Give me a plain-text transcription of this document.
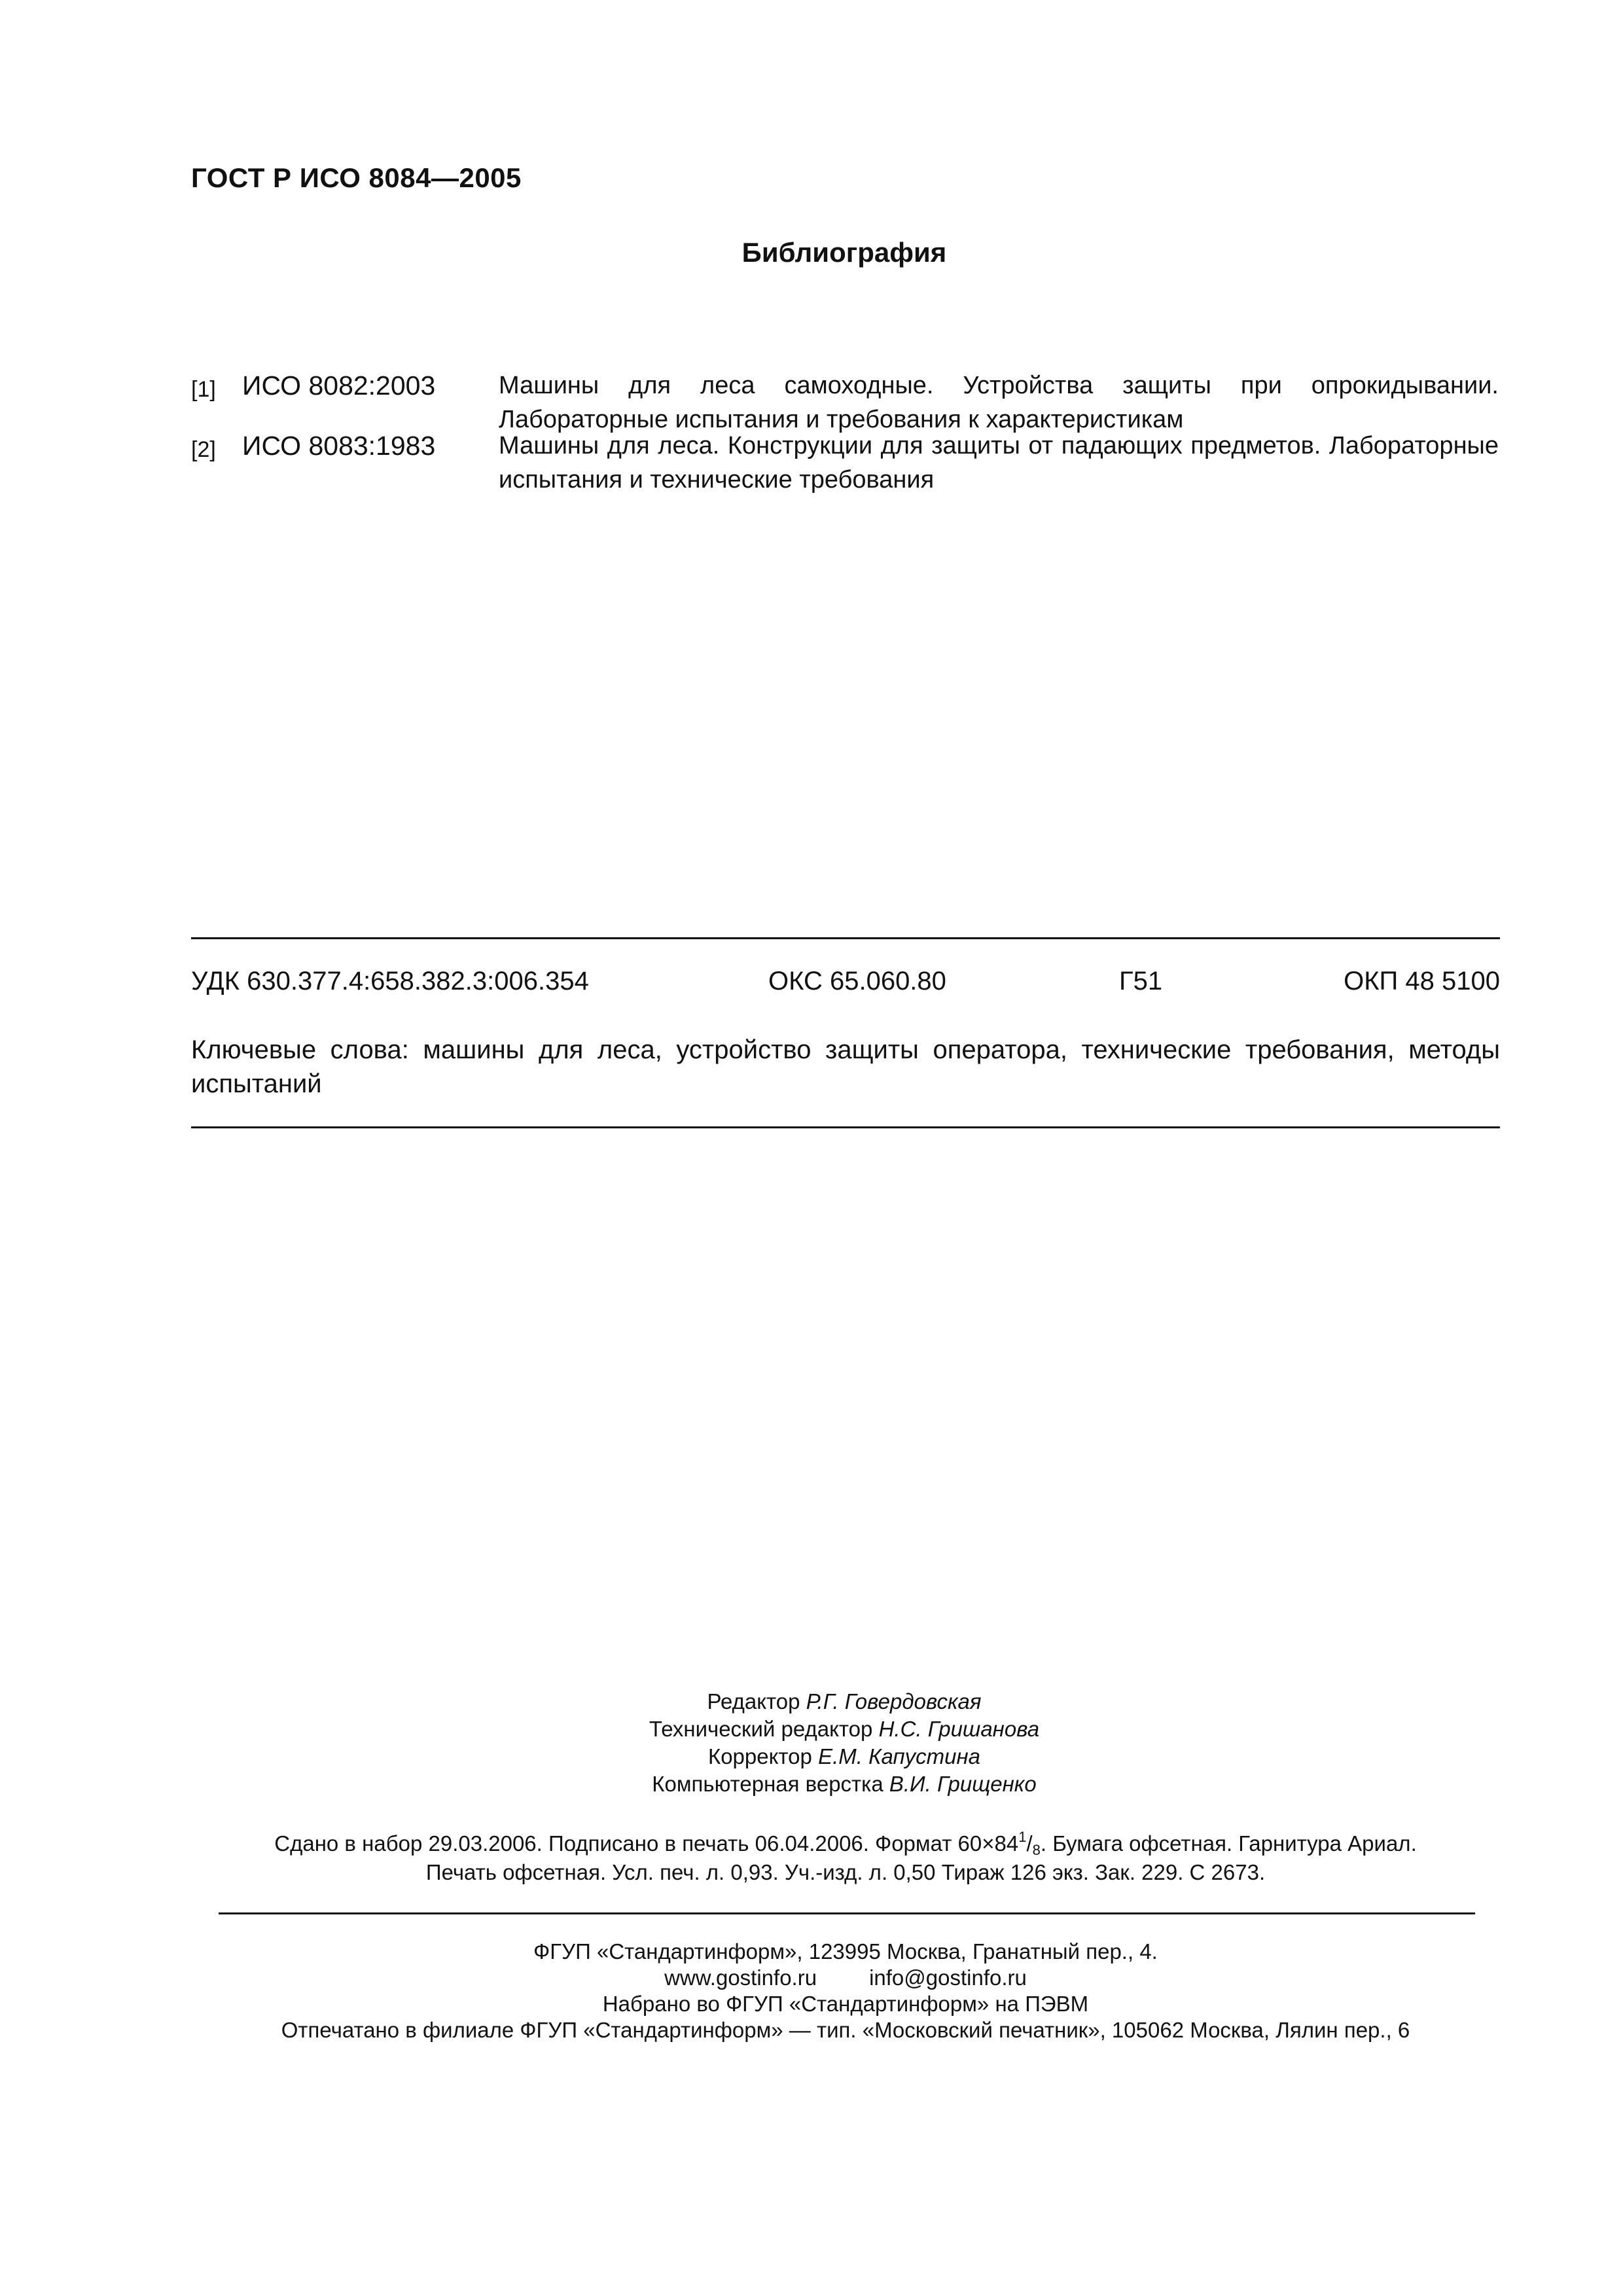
ГОСТ Р ИСО 8084—2005
Библиография
[1] ИСО 8082:2003	Машины для леса самоходные. Устройства защиты при опрокидывании. Лабораторные испытания и требования к характеристикам
[2] ИСО 8083:1983	Машины для леса. Конструкции для защиты от падающих предметов. Лабораторные испытания и технические требования
УДК 630.377.4:658.382.3:006.354	ОКС 65.060.80	Г51	ОКП 48 5100
Ключевые слова: машины для леса, устройство защиты оператора, технические требования, методы испытаний
Редактор Р.Г. Говердовская
Технический редактор Н.С. Гришанова
Корректор Е.М. Капустина
Компьютерная верстка В.И. Грищенко
Сдано в набор 29.03.2006. Подписано в печать 06.04.2006. Формат $60\times 84^1/_8$. Бумага офсетная. Гарнитура Ариал.
Печать офсетная. Усл. печ. л. 0,93. Уч.-изд. л. 0,50 Тираж 126 экз. Зак. 229. С 2673.
ФГУП «Стандартинформ», 123995 Москва, Гранатный пер., 4.
www.gostinfo.ru info@gostinfo.ru
Набрано во ФГУП «Стандартинформ» на ПЭВМ
Отпечатано в филиале ФГУП «Стандартинформ» — тип. «Московский печатник», 105062 Москва, Лялин пер., 6
